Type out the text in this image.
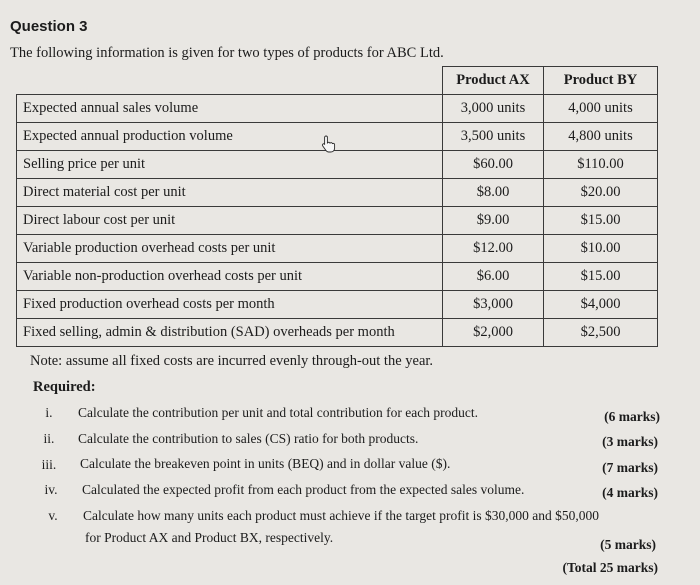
Question 3
The following information is given for two types of products for ABC Ltd.
	Product AX	Product BY
Expected annual sales volume	3,000 units	4,000 units
Expected annual production volume	3,500 units	4,800 units
Selling price per unit	$60.00	$110.00
Direct material cost per unit	$8.00	$20.00
Direct labour cost per unit	$9.00	$15.00
Variable production overhead costs per unit	$12.00	$10.00
Variable non-production overhead costs per unit	$6.00	$15.00
Fixed production overhead costs per month	$3,000	$4,000
Fixed selling, admin & distribution (SAD) overheads per month	$2,000	$2,500
Note: assume all fixed costs are incurred evenly through-out the year.
Required:
i.	Calculate the contribution per unit and total contribution for each product.	(6 marks)
ii.	Calculate the contribution to sales (CS) ratio for both products.	(3 marks)
iii.	Calculate the breakeven point in units (BEQ) and in dollar value ($).	(7 marks)
iv.	Calculated the expected profit from each product from the expected sales volume.	(4 marks)
v.	Calculate how many units each product must achieve if the target profit is $30,000 and $50,000
for Product AX and Product BX, respectively.	(5 marks)
(Total 25 marks)
